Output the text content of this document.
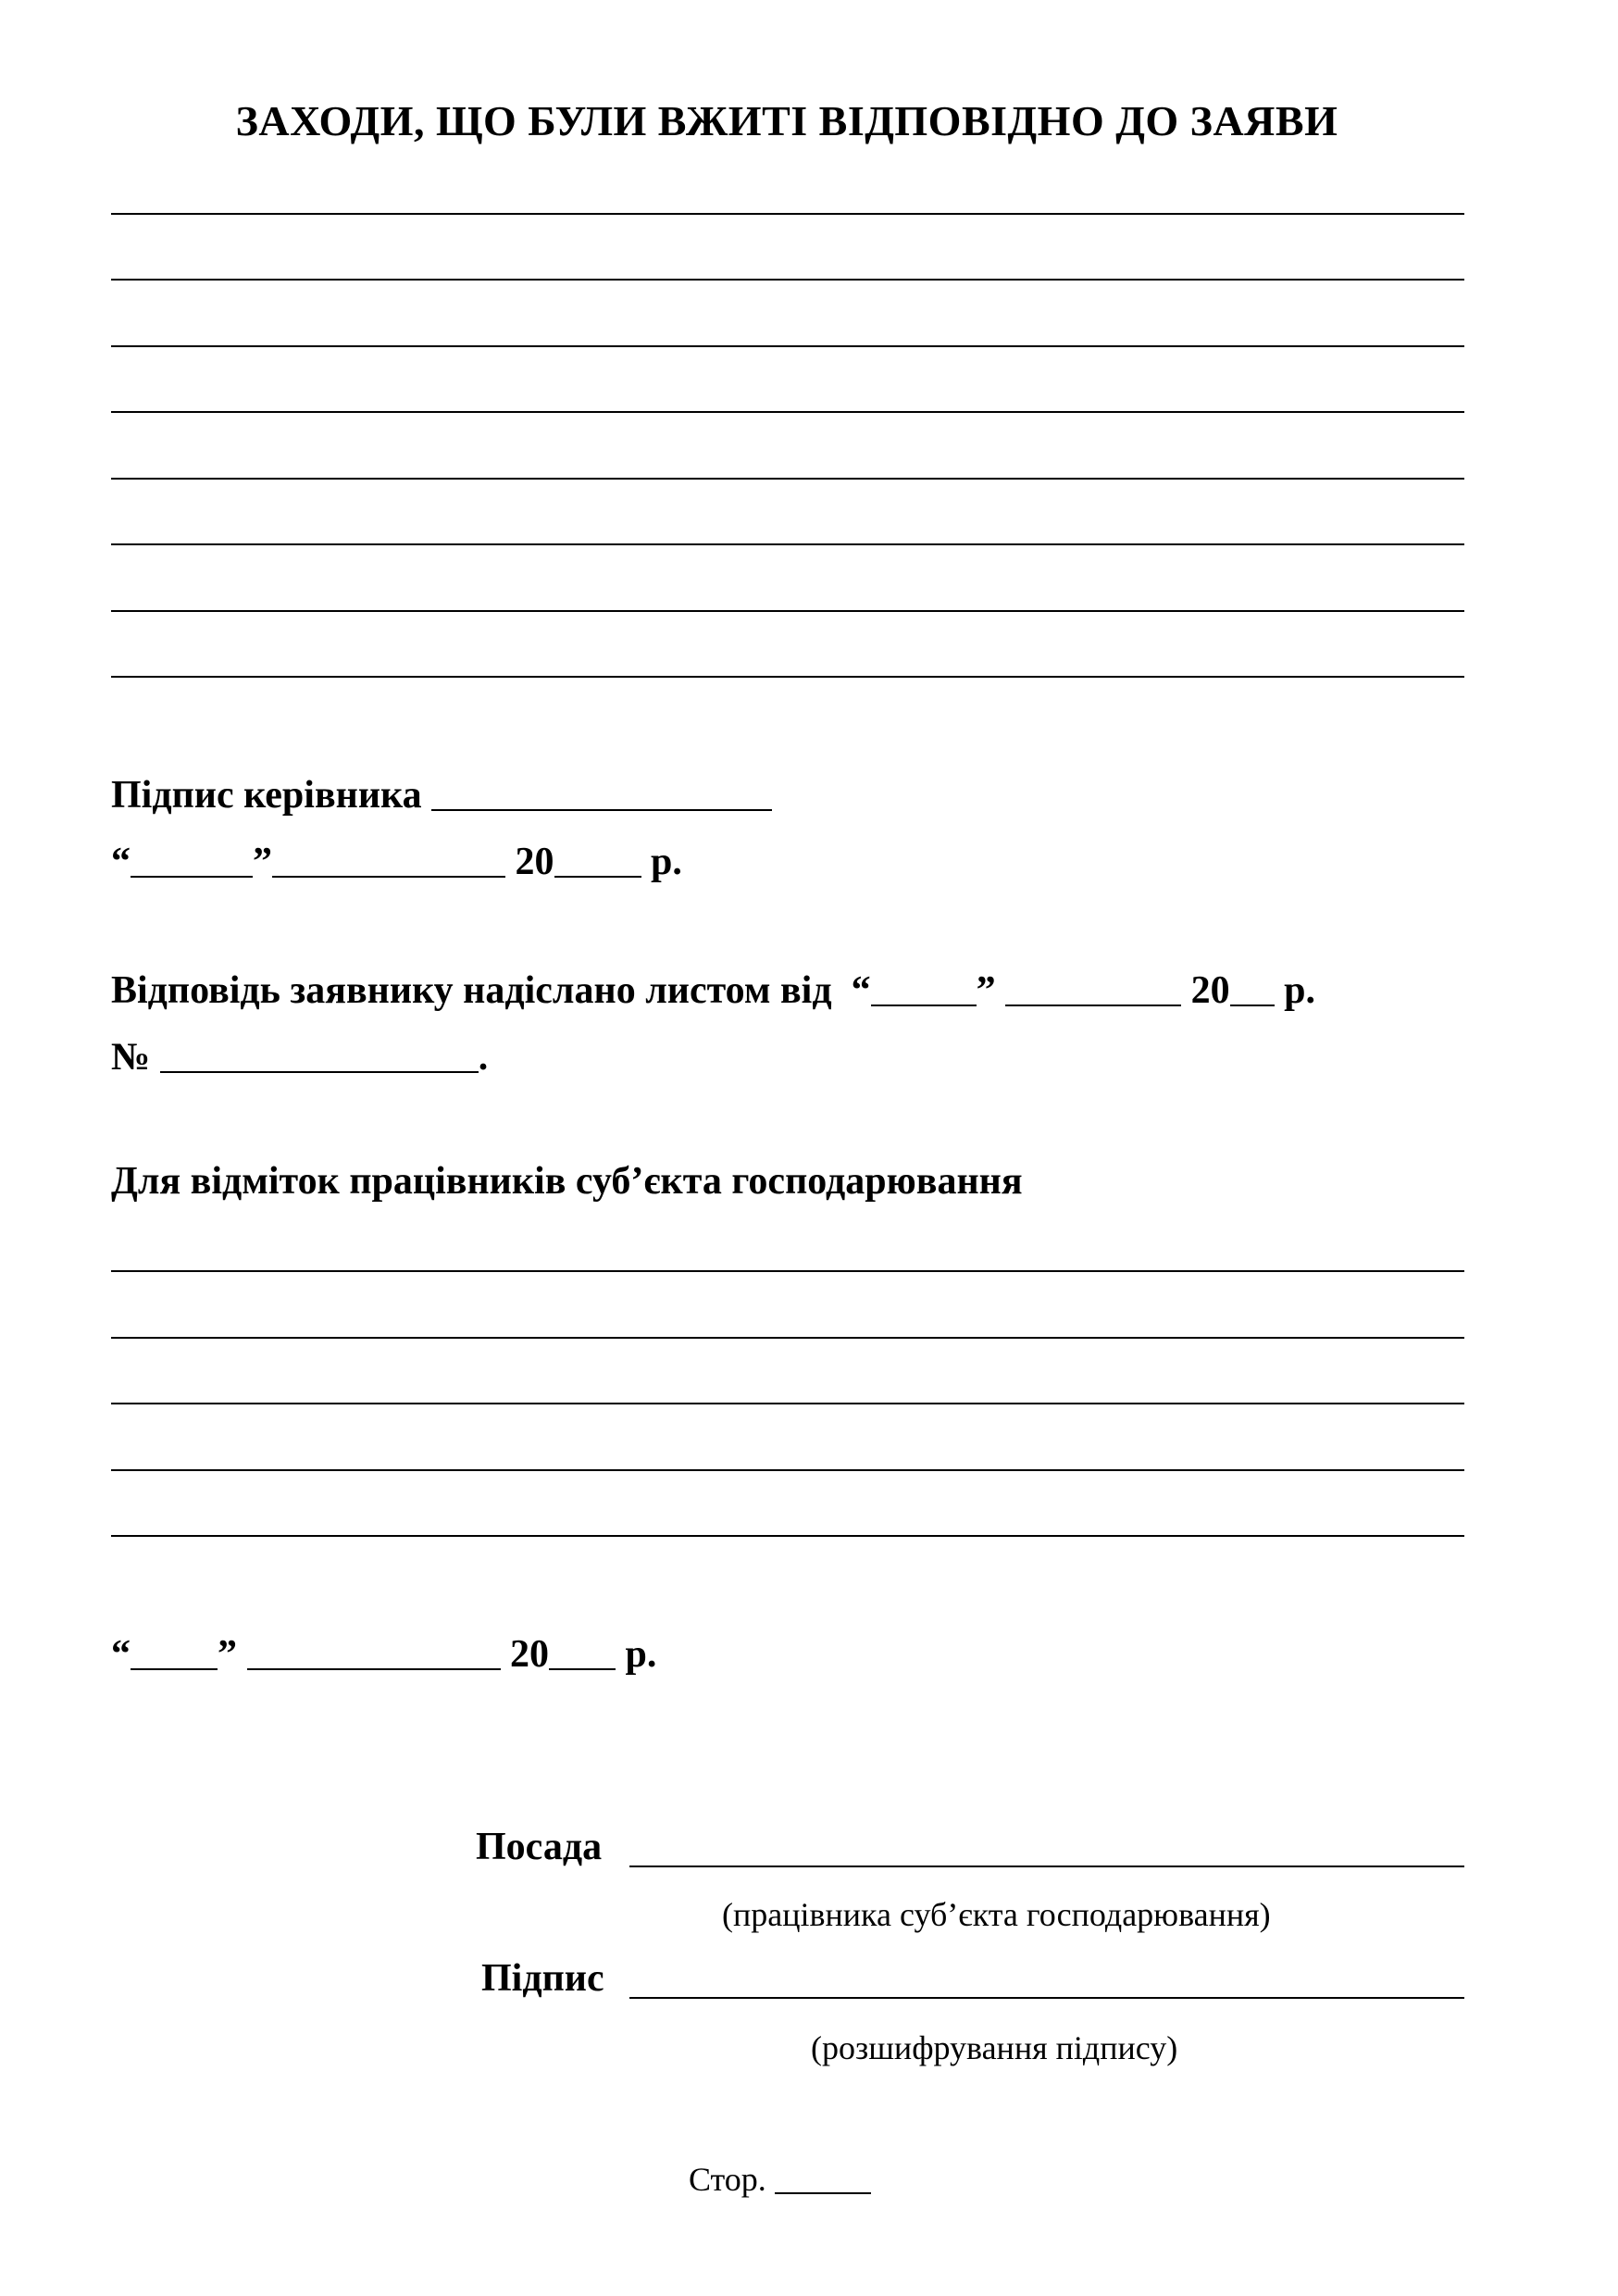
ЗАХОДИ, ЩО БУЛИ ВЖИТІ ВІДПОВІДНО ДО ЗАЯВИ
Підпис керівника
“	”	20 р.
Відповідь заявнику надіслано листом від “	”	20 р.
№	.
Для відміток працівників суб’єкта господарювання
“ ”	20 р.
Посада
(працівника суб’єкта господарювання)
Підпис
(розшифрування підпису)
Стор.
